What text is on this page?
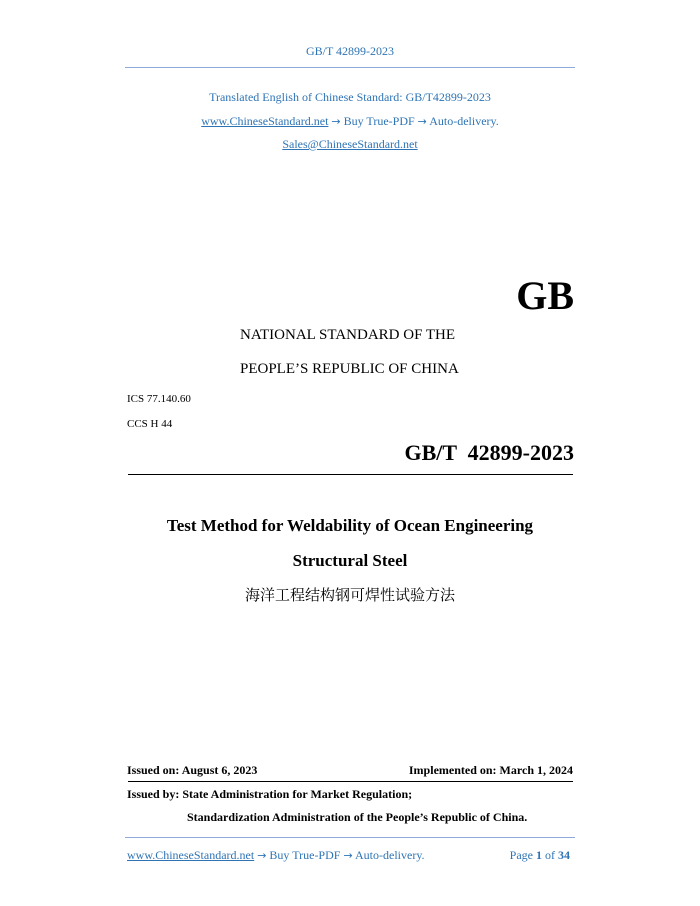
GB/T 42899-2023
Translated English of Chinese Standard: GB/T42899-2023
www.ChineseStandard.net → Buy True-PDF → Auto-delivery.
Sales@ChineseStandard.net
GB
NATIONAL STANDARD OF THE
PEOPLE’S REPUBLIC OF CHINA
ICS 77.140.60
CCS H 44
GB/T  42899-2023
Test Method for Weldability of Ocean Engineering
Structural Steel
海洋工程结构钢可焊性试验方法
Issued on: August 6, 2023	Implemented on: March 1, 2024
Issued by: State Administration for Market Regulation;
Standardization Administration of the People’s Republic of China.
www.ChineseStandard.net → Buy True-PDF → Auto-delivery.	Page 1 of 34
